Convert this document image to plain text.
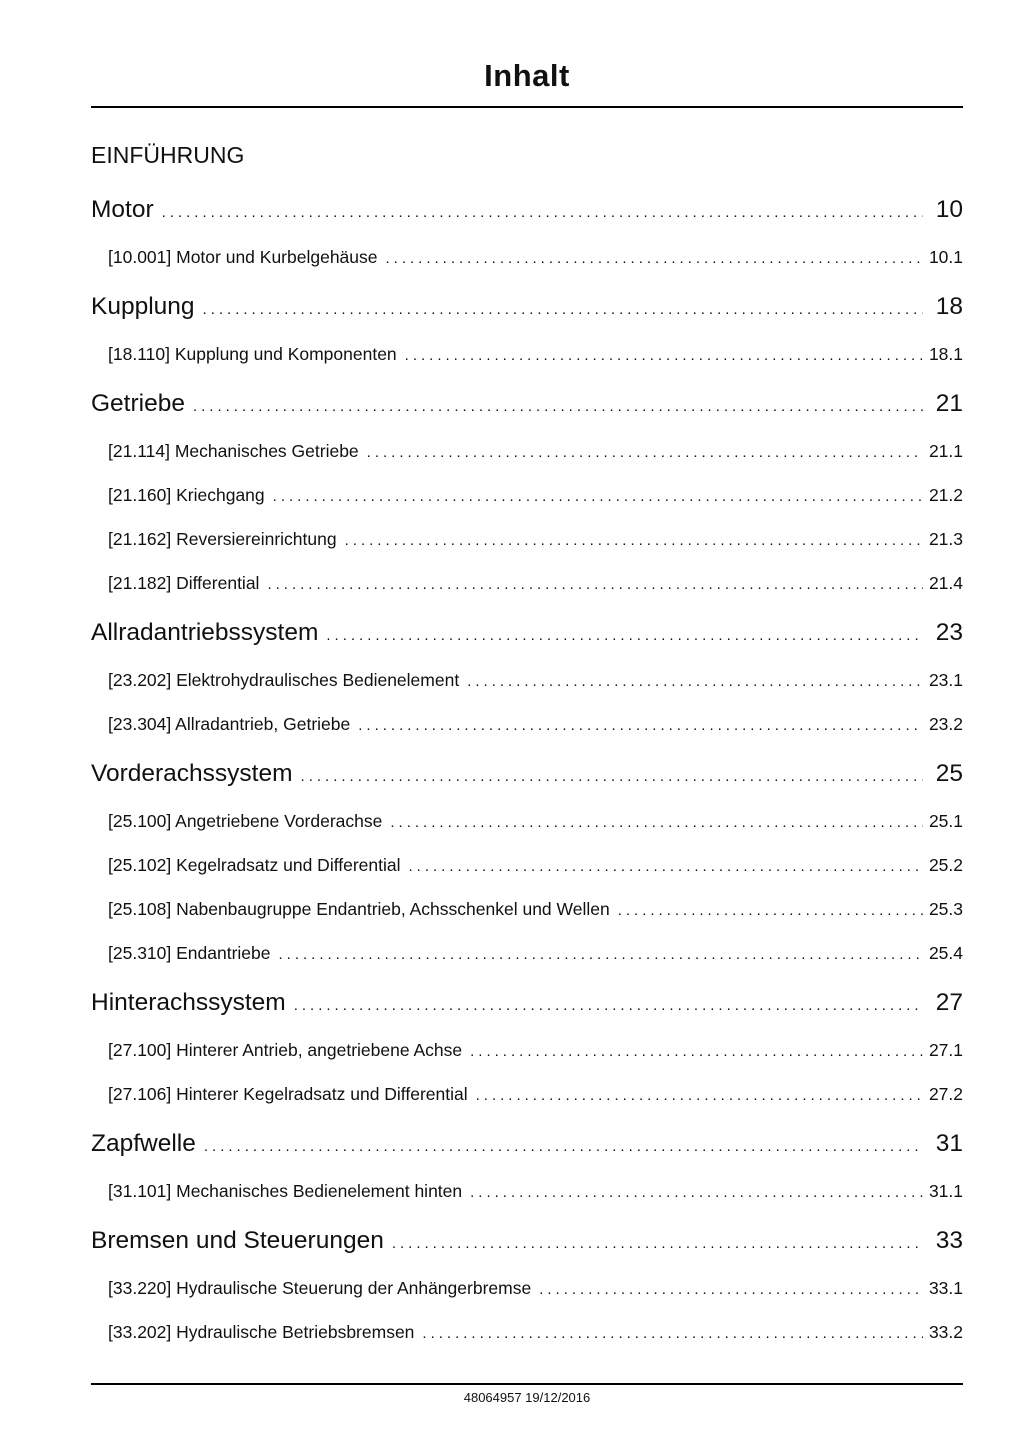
Inhalt
EINFÜHRUNG
Motor .....	10
[10.001] Motor und Kurbelgehäuse .....	10.1
Kupplung .....	18
[18.110] Kupplung und Komponenten .....	18.1
Getriebe .....	21
[21.114] Mechanisches Getriebe .....	21.1
[21.160] Kriechgang .....	21.2
[21.162] Reversiereinrichtung .....	21.3
[21.182] Differential .....	21.4
Allradantriebssystem .....	23
[23.202] Elektrohydraulisches Bedienelement .....	23.1
[23.304] Allradantrieb, Getriebe .....	23.2
Vorderachssystem .....	25
[25.100] Angetriebene Vorderachse .....	25.1
[25.102] Kegelradsatz und Differential .....	25.2
[25.108] Nabenbaugruppe Endantrieb, Achsschenkel und Wellen .....	25.3
[25.310] Endantriebe .....	25.4
Hinterachssystem .....	27
[27.100] Hinterer Antrieb, angetriebene Achse .....	27.1
[27.106] Hinterer Kegelradsatz und Differential .....	27.2
Zapfwelle .....	31
[31.101] Mechanisches Bedienelement hinten .....	31.1
Bremsen und Steuerungen .....	33
[33.220] Hydraulische Steuerung der Anhängerbremse .....	33.1
[33.202] Hydraulische Betriebsbremsen .....	33.2
48064957 19/12/2016
